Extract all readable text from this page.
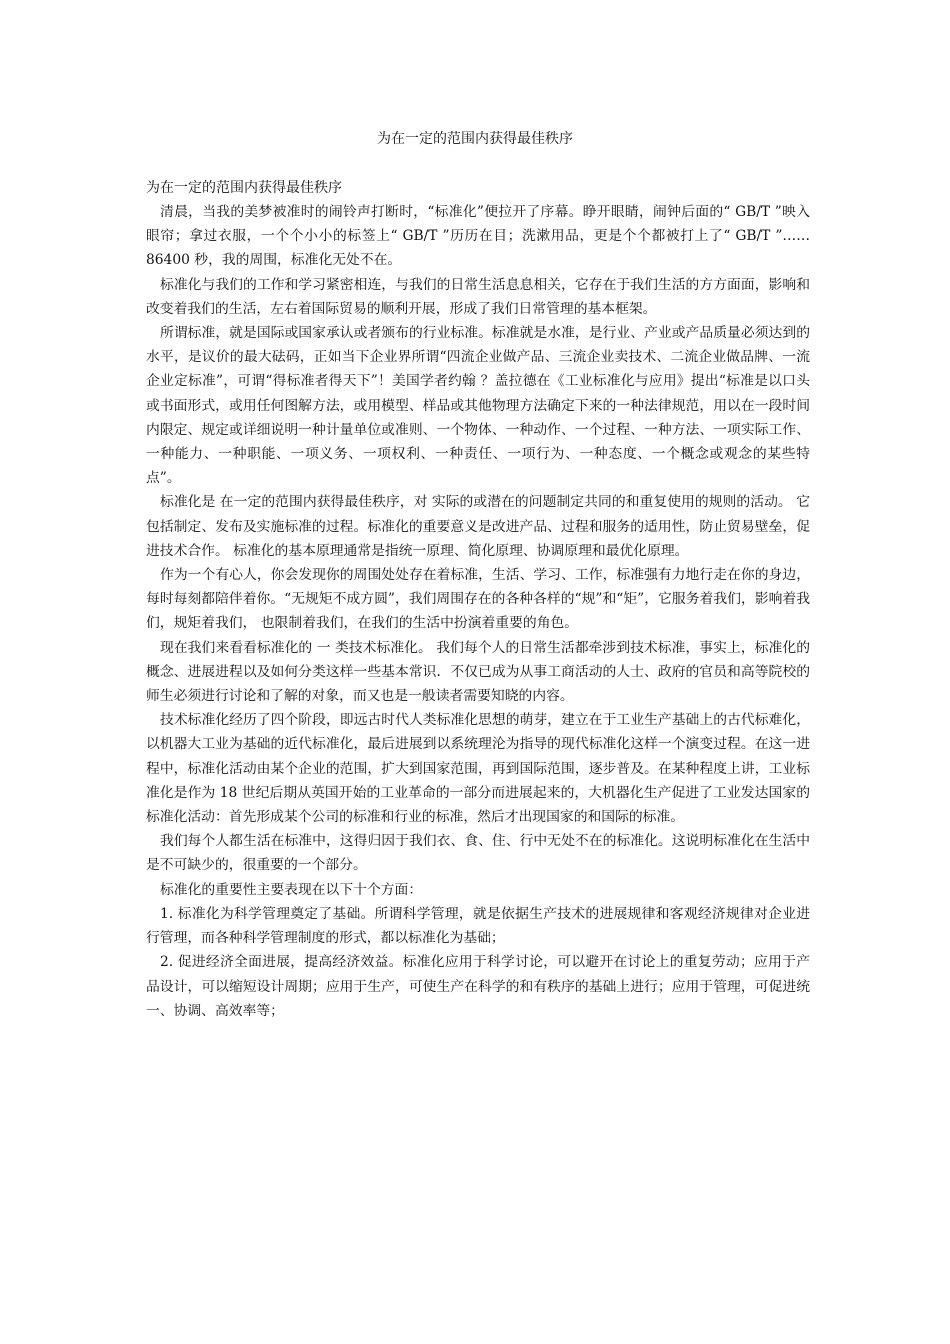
为在一定的范围内获得最佳秩序
为在一定的范围内获得最佳秩序

清晨，当我的美梦被准时的闹铃声打断时，“标准化”便拉开了序幕。睁开眼睛，闹钟后面的“ GB/T ”映入眼帘；拿过衣服，一个个小小的标签上“ GB/T ”历历在目；洗漱用品，更是个个都被打上了“ GB/T ”…… 86400 秒，我的周围，标准化无处不在。

标准化与我们的工作和学习紧密相连，与我们的日常生活息息相关，它存在于我们生活的方方面面，影响和改变着我们的生活，左右着国际贸易的顺利开展，形成了我们日常管理的基本框架。

所谓标准，就是国际或国家承认或者颁布的行业标准。标准就是水准，是行业、产业或产品质量必须达到的水平，是议价的最大砝码，正如当下企业界所谓“四流企业做产品、三流企业卖技术、二流企业做品牌、一流企业定标准”，可谓“得标准者得天下”！美国学者约翰 ？盖拉德在《工业标准化与应用》提出“标准是以口头或书面形式，或用任何图解方法，或用模型、样品或其他物理方法确定下来的一种法律规范，用以在一段时间内限定、规定或详细说明一种计量单位或准则、一个物体、一种动作、一个过程、一种方法、一项实际工作、一种能力、一种职能、一项义务、一项权利、一种责任、一项行为、一种态度、一个概念或观念的某些特点”。

标准化是 在一定的范围内获得最佳秩序，对 实际的或潜在的问题制定共同的和重复使用的规则的活动。 它包括制定、发布及实施标准的过程。标准化的重要意义是改进产品、过程和服务的适用性，防止贸易壁垒，促进技术合作。 标准化的基本原理通常是指统一原理、简化原理、协调原理和最优化原理。

作为一个有心人，你会发现你的周围处处存在着标准，生活、学习、工作，标准强有力地行走在你的身边，每时每刻都陪伴着你。“无规矩不成方圆”，我们周围存在的各种各样的“规”和“矩”，它服务着我们，影响着我们，规矩着我们， 也限制着我们，在我们的生活中扮演着重要的角色。

现在我们来看看标准化的 一 类技术标准化。 我们每个人的日常生活都牵涉到技术标准，事实上，标准化的概念、进展进程以及如何分类这样一些基本常识．不仅已成为从事工商活动的人士、政府的官员和高等院校的师生必须进行讨论和了解的对象，而又也是一般读者需要知晓的内容。

技术标准化经历了四个阶段，即远古时代人类标准化思想的萌芽，建立在于工业生产基础上的古代标难化，以机器大工业为基础的近代标准化，最后进展到以系统理沦为指导的现代标准化这样一个演变过程。在这一进程中，标准化活动由某个企业的范围，扩大到国家范围，再到国际范围，逐步普及。在某种程度上讲，工业标准化是作为 18 世纪后期从英国开始的工业革命的一部分而进展起来的，大机器化生产促进了工业发达国家的标准化活动：首先形成某个公司的标准和行业的标准，然后才出现国家的和国际的标准。

我们每个人都生活在标准中，这得归因于我们衣、食、住、行中无处不在的标准化。这说明标准化在生活中是不可缺少的，很重要的一个部分。

标准化的重要性主要表现在以下十个方面：

1. 标准化为科学管理奠定了基础。所谓科学管理，就是依据生产技术的进展规律和客观经济规律对企业进行管理，而各种科学管理制度的形式，都以标准化为基础；

2. 促进经济全面进展，提高经济效益。标准化应用于科学讨论，可以避开在讨论上的重复劳动；应用于产品设计，可以缩短设计周期；应用于生产，可使生产在科学的和有秩序的基础上进行；应用于管理，可促进统一、协调、高效率等；
